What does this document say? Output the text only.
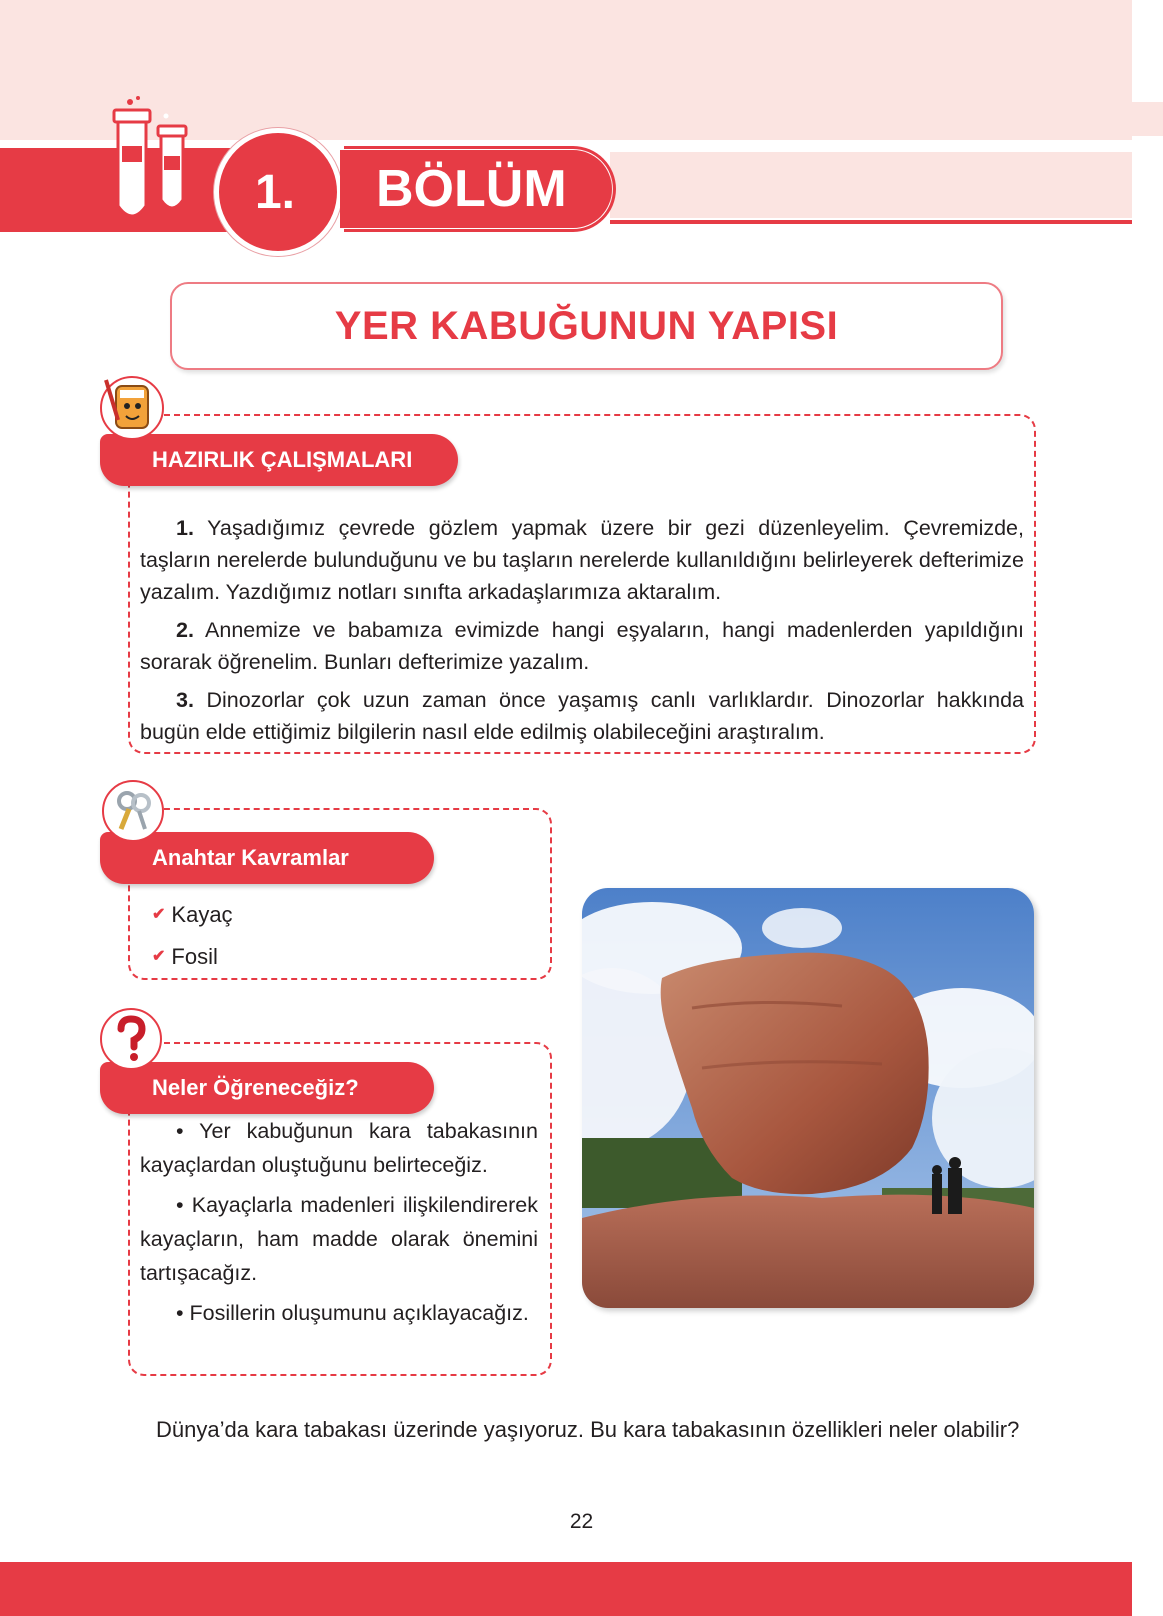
1.	BÖLÜM
YER KABUĞUNUN YAPISI

1. Yaşadığımız çevrede gözlem yapmak üzere bir gezi düzenleyelim. Çevremizde, taşların nerelerde bulunduğunu ve bu taşların nerelerde kullanıldığını belirleyerek defterimize yazalım. Yazdığımız notları sınıfta arkadaşlarımıza aktaralım.

2. Annemize ve babamıza evimizde hangi eşyaların, hangi madenlerden yapıldığını sorarak öğrenelim. Bunları defterimize yazalım.

3. Dinozorlar çok uzun zaman önce yaşamış canlı varlıklardır. Dinozorlar hakkında bugün elde ettiğimiz bilgilerin nasıl elde edilmiş olabileceğini araştıralım.

HAZIRLIK ÇALIŞMALARI
✔ Kayaç
✔ Fosil
Anahtar Kavramlar

• Yer kabuğunun kara tabakasının kayaçlardan oluştuğunu belirteceğiz.

• Kayaçlarla madenleri ilişkilendirerek kayaçların, ham madde olarak önemini tartışacağız.

• Fosillerin oluşumunu açıklayacağız.

Neler Öğreneceğiz?
Dünya’da kara tabakası üzerinde yaşıyoruz. Bu kara tabakasının özellikleri neler olabilir?
22
